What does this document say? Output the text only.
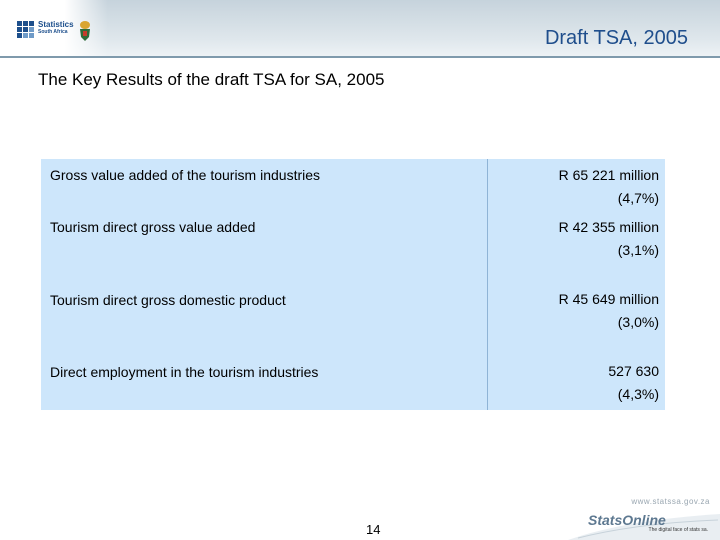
Statistics
South Africa	Draft TSA, 2005
The Key Results of the draft TSA for SA, 2005
Gross value added of the tourism industries	R 65 221 million
(4,7%)
Tourism direct gross value added	R 42 355 million
(3,1%)
Tourism direct gross domestic product	R 45 649 million
(3,0%)
Direct employment in the tourism industries	527 630
(4,3%)
14
www.statssa.gov.za
StatsOnline
The digital face of stats sa.
